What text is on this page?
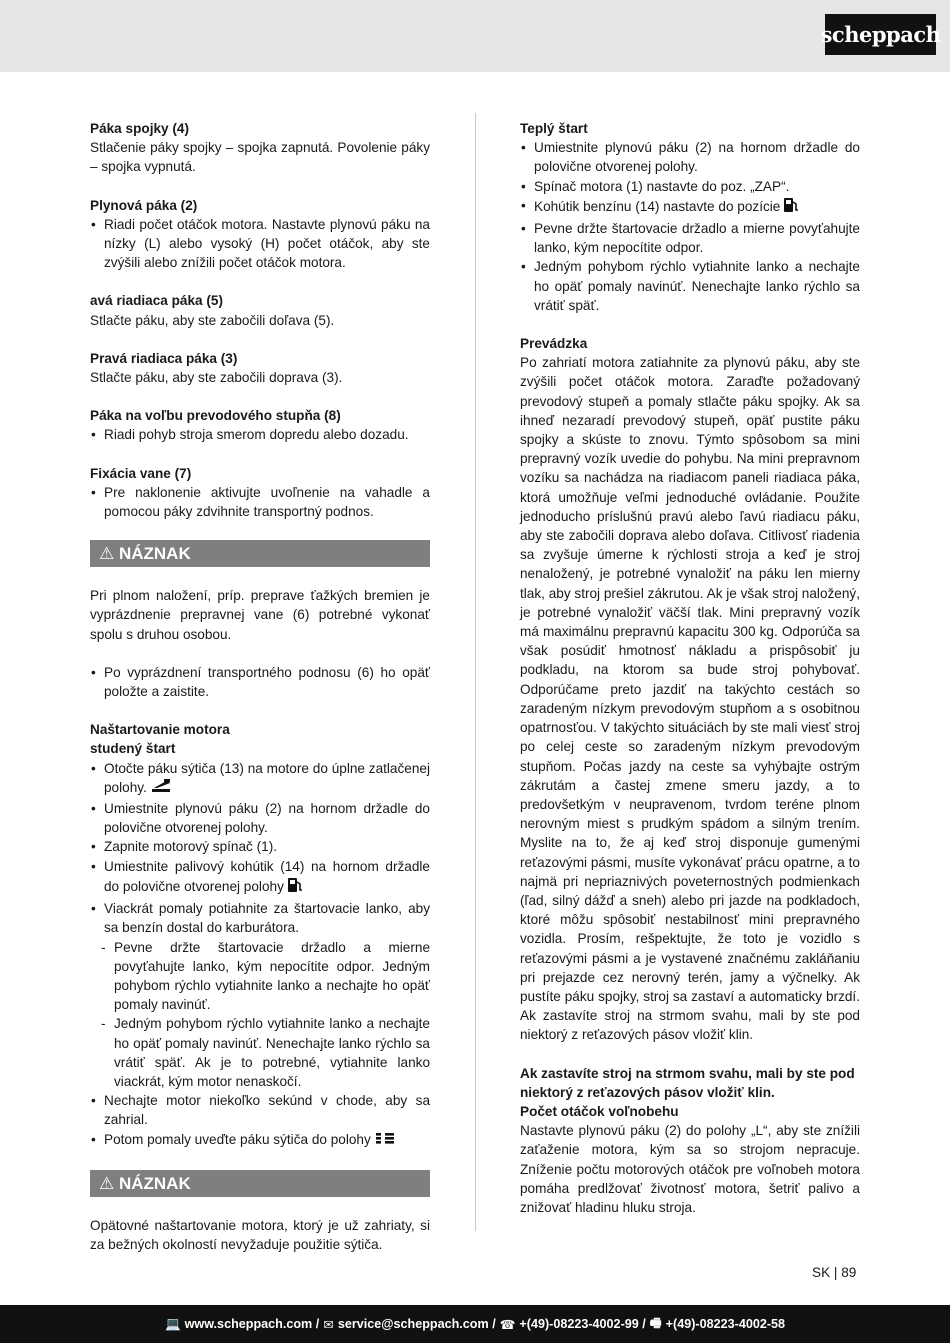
scheppach
Páka spojky (4)
Stlačenie páky spojky – spojka zapnutá. Povolenie páky – spojka vypnutá.
Plynová páka (2)
• Riadi počet otáčok motora. Nastavte plynovú páku na nízky (L) alebo vysoký (H) počet otáčok, aby ste zvýšili alebo znížili počet otáčok motora.
avá riadiaca páka (5)
Stlačte páku, aby ste zabočili doľava (5).
Pravá riadiaca páka (3)
Stlačte páku, aby ste zabočili doprava (3).
Páka na voľbu prevodového stupňa (8)
• Riadi pohyb stroja smerom dopredu alebo dozadu.
Fixácia vane (7)
• Pre naklonenie aktivujte uvoľnenie na vahadle a pomocou páky zdvihnite transportný podnos.
⚠ NÁZNAK
Pri plnom naložení, príp. preprave ťažkých bremien je vyprázdnenie prepravnej vane (6) potrebné vykonať spolu s druhou osobou.
• Po vyprázdnení transportného podnosu (6) ho opäť položte a zaistite.
Naštartovanie motora
studený štart
• Otočte páku sýtiča (13) na motore do úplne zatlačenej polohy.
• Umiestnite plynovú páku (2) na hornom držadle do polovične otvorenej polohy.
• Zapnite motorový spínač (1).
• Umiestnite palivový kohútik (14) na hornom držadle do polovične otvorenej polohy
• Viackrát pomaly potiahnite za štartovacie lanko, aby sa benzín dostal do karburátora.
- Pevne držte štartovacie držadlo a mierne povyťahujte lanko, kým nepocítite odpor. Jedným pohybom rýchlo vytiahnite lanko a nechajte ho opäť pomaly navinúť.
- Jedným pohybom rýchlo vytiahnite lanko a nechajte ho opäť pomaly navinúť. Nenechajte lanko rýchlo sa vrátiť späť. Ak je to potrebné, vytiahnite lanko viackrát, kým motor nenaskočí.
• Nechajte motor niekoľko sekúnd v chode, aby sa zahrial.
• Potom pomaly uveďte páku sýtiča do polohy
⚠ NÁZNAK
Opätovné naštartovanie motora, ktorý je už zahriaty, si za bežných okolností nevyžaduje použitie sýtiča.
Teplý štart
• Umiestnite plynovú páku (2) na hornom držadle do polovične otvorenej polohy.
• Spínač motora (1) nastavte do poz. „ZAP“.
• Kohútik benzínu (14) nastavte do pozície
• Pevne držte štartovacie držadlo a mierne povyťahujte lanko, kým nepocítite odpor.
• Jedným pohybom rýchlo vytiahnite lanko a nechajte ho opäť pomaly navinúť. Nenechajte lanko rýchlo sa vrátiť späť.
Prevádzka
Po zahriatí motora zatiahnite za plynovú páku, aby ste zvýšili počet otáčok motora. Zaraďte požadovaný prevodový stupeň a pomaly stlačte páku spojky. Ak sa ihneď nezaradí prevodový stupeň, opäť pustite páku spojky a skúste to znovu. Týmto spôsobom sa mini prepravný vozík uvedie do pohybu. Na mini prepravnom vozíku sa nachádza na riadiacom paneli riadiaca páka, ktorá umožňuje veľmi jednoduché ovládanie. Použite jednoducho príslušnú pravú alebo ľavú riadiacu páku, aby ste zabočili doprava alebo doľava. Citlivosť riadenia sa zvyšuje úmerne k rýchlosti stroja a keď je stroj nenaložený, je potrebné vynaložiť na páku len mierny tlak, aby stroj prešiel zákrutou. Ak je však stroj naložený, je potrebné vynaložiť väčší tlak. Mini prepravný vozík má maximálnu prepravnú kapacitu 300 kg. Odporúča sa však posúdiť hmotnosť nákladu a prispôsobiť ju podkladu, na ktorom sa bude stroj pohybovať. Odporúčame preto jazdiť na takýchto cestách so zaradeným nízkym prevodovým stupňom a s osobitnou opatrnosťou. V takýchto situáciách by ste mali viesť stroj po celej ceste so zaradeným nízkym prevodovým stupňom. Počas jazdy na ceste sa vyhýbajte ostrým zákrutám a častej zmene smeru jazdy, a to predovšetkým v neupravenom, tvrdom teréne plnom nerovným miest s prudkým spádom a silným trením. Myslite na to, že aj keď stroj disponuje gumenými reťazovými pásmi, musíte vykonávať prácu opatrne, a to najmä pri nepriaznivých poveternostných podmienkach (ľad, silný dážď a sneh) alebo pri jazde na podkladoch, ktoré môžu spôsobiť nestabilnosť mini prepravného vozidla. Prosím, rešpektujte, že toto je vozidlo s reťazovými pásmi a je vystavené značnému zakláňaniu pri prejazde cez nerovný terén, jamy a výčnelky. Ak pustíte páku spojky, stroj sa zastaví a automaticky brzdí. Ak zastavíte stroj na strmom svahu, mali by ste pod niektorý z reťazových pásov vložiť klin.
Ak zastavíte stroj na strmom svahu, mali by ste pod niektorý z reťazových pásov vložiť klin.
Počet otáčok voľnobehu
Nastavte plynovú páku (2) do polohy „L“, aby ste znížili zaťaženie motora, kým sa so strojom nepracuje. Zníženie počtu motorových otáčok pre voľnobeh motora pomáha predlžovať životnosť motora, šetriť palivo a znižovať hladinu hluku stroja.
SK | 89
💻 www.scheppach.com / ✉ service@scheppach.com / ☎ +(49)-08223-4002-99 / 🖷 +(49)-08223-4002-58
